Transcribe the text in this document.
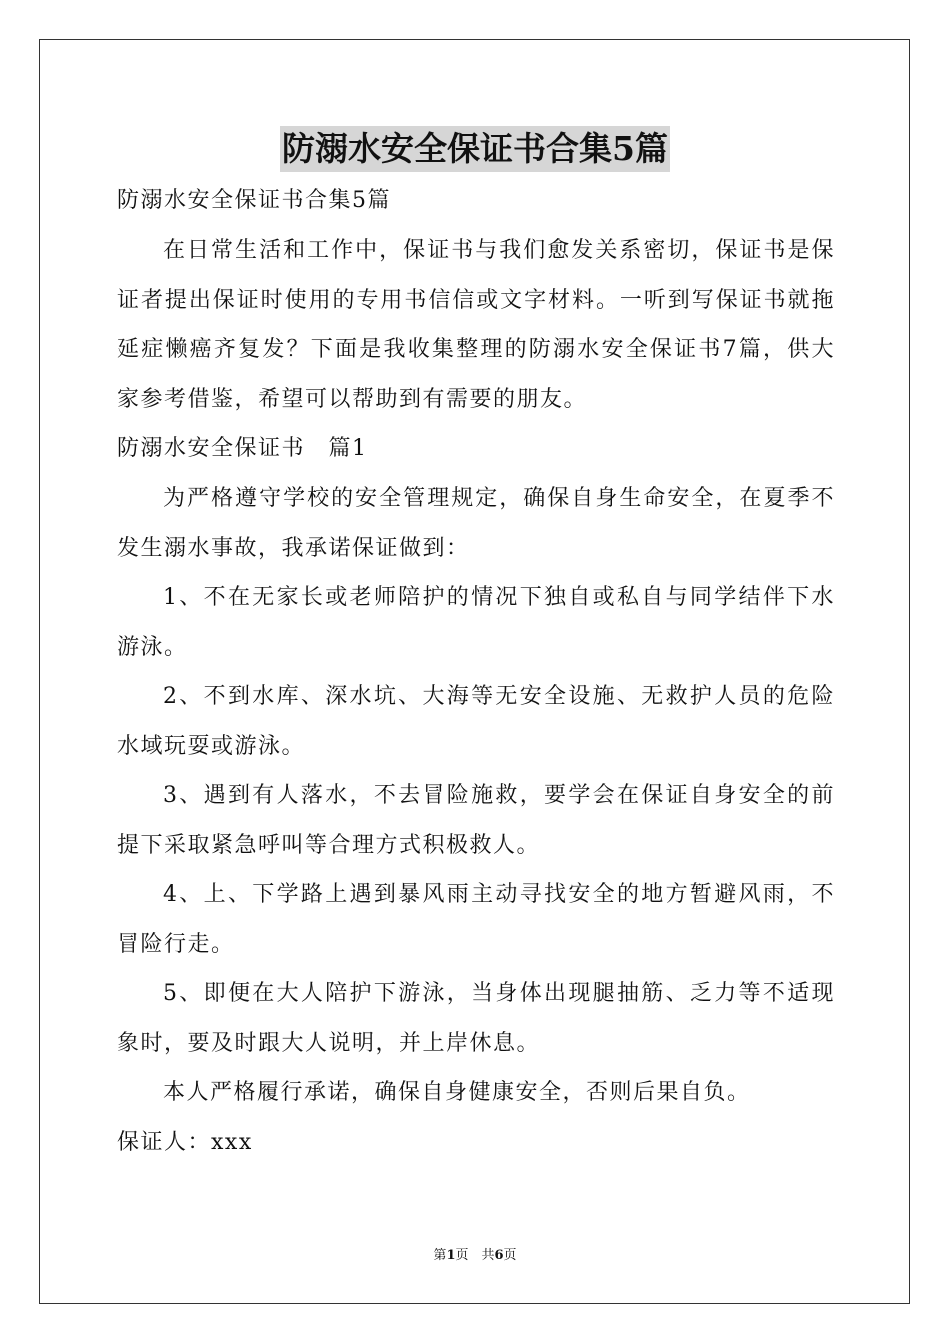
防溺水安全保证书合集5篇

防溺水安全保证书合集5篇

在日常生活和工作中，保证书与我们愈发关系密切，保证书是保证者提出保证时使用的专用书信信或文字材料。一听到写保证书就拖延症懒癌齐复发？下面是我收集整理的防溺水安全保证书7篇，供大家参考借鉴，希望可以帮助到有需要的朋友。

防溺水安全保证书　篇1

为严格遵守学校的安全管理规定，确保自身生命安全，在夏季不发生溺水事故，我承诺保证做到：

1、不在无家长或老师陪护的情况下独自或私自与同学结伴下水游泳。

2、不到水库、深水坑、大海等无安全设施、无救护人员的危险水域玩耍或游泳。

3、遇到有人落水，不去冒险施救，要学会在保证自身安全的前提下采取紧急呼叫等合理方式积极救人。

4、上、下学路上遇到暴风雨主动寻找安全的地方暂避风雨，不冒险行走。

5、即便在大人陪护下游泳，当身体出现腿抽筋、乏力等不适现象时，要及时跟大人说明，并上岸休息。

本人严格履行承诺，确保自身健康安全，否则后果自负。

保证人：xxx

第1页　共6页
